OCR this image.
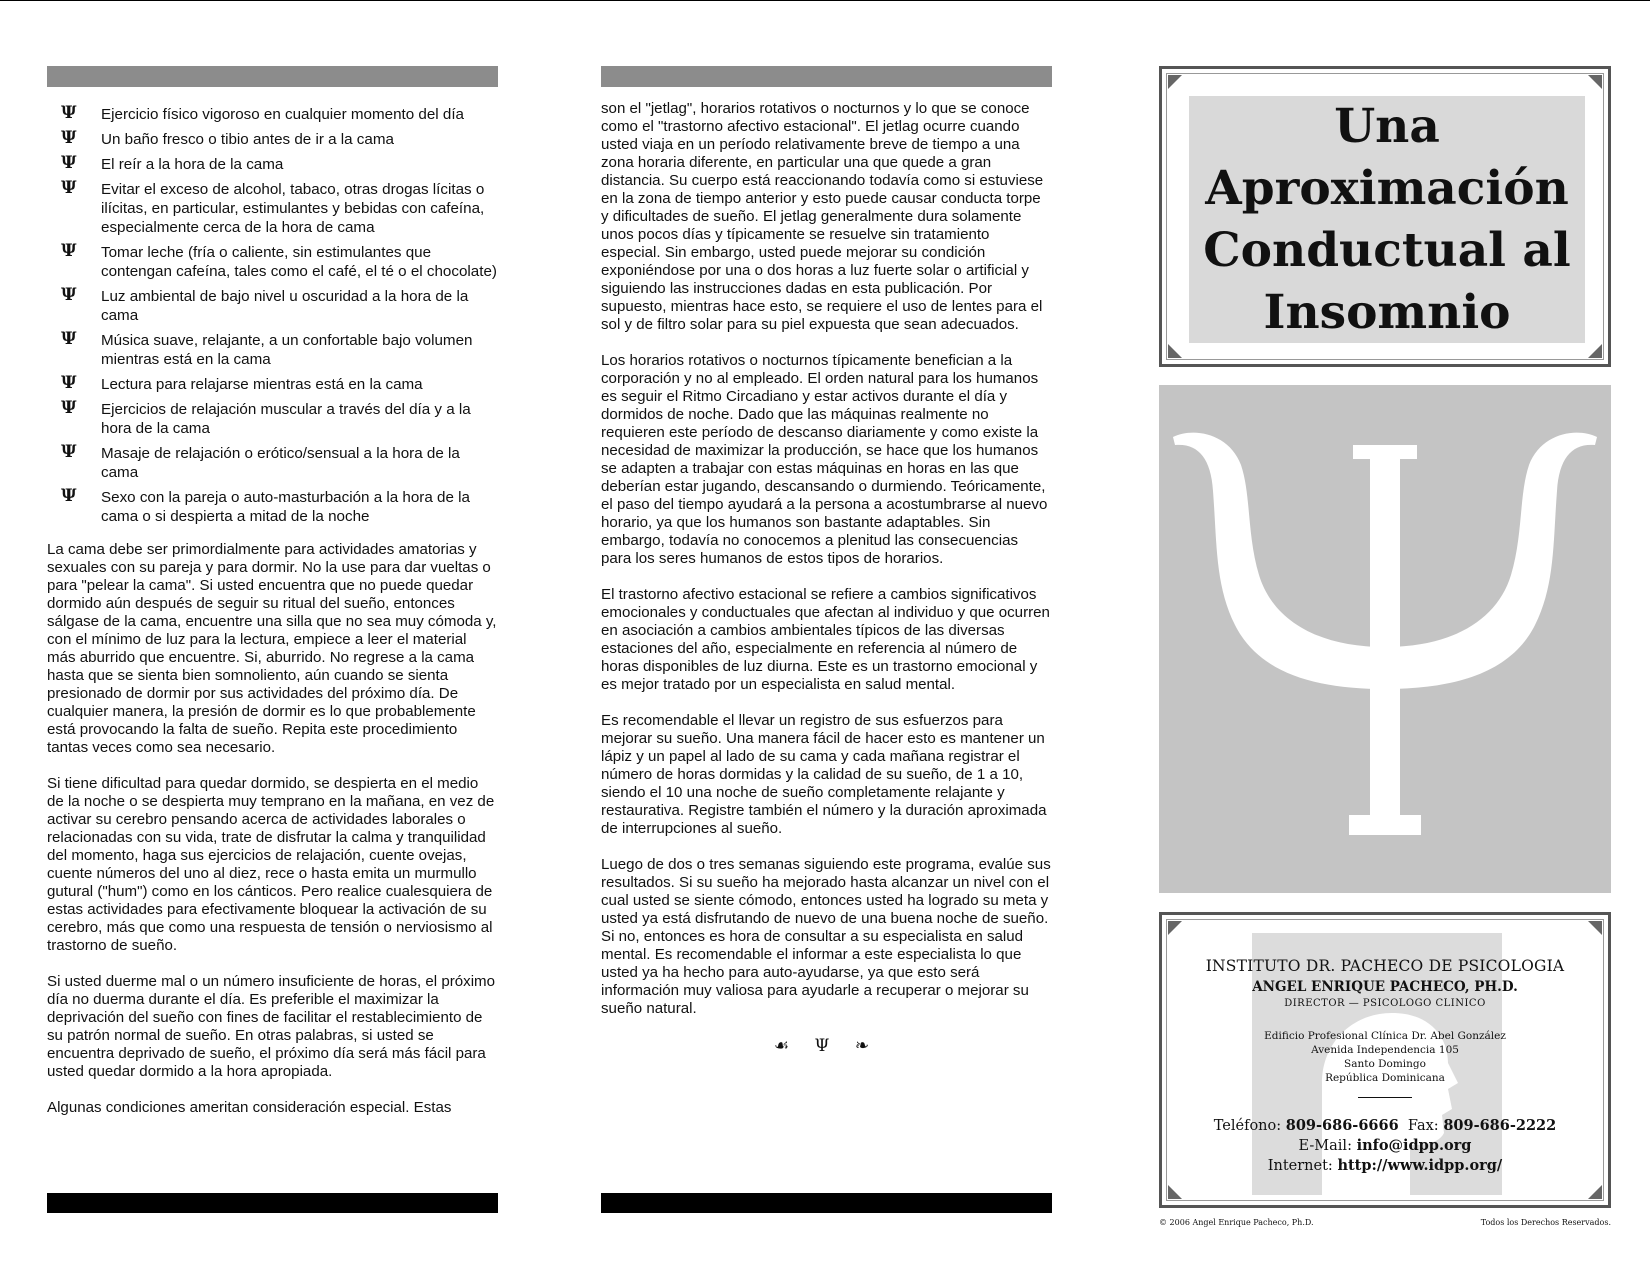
Ψ	Ejercicio físico vigoroso en cualquier momento del día
Ψ	Un baño fresco o tibio antes de ir a la cama
Ψ	El reír a la hora de la cama
Ψ	Evitar el exceso de alcohol, tabaco, otras drogas lícitas o ilícitas, en particular, estimulantes y bebidas con cafeína, especialmente cerca de la hora de cama
Ψ	Tomar leche (fría o caliente, sin estimulantes que contengan cafeína, tales como el café, el té o el chocolate)
Ψ	Luz ambiental de bajo nivel u oscuridad a la hora de la cama
Ψ	Música suave, relajante, a un confortable bajo volumen mientras está en la cama
Ψ	Lectura para relajarse mientras está en la cama
Ψ	Ejercicios de relajación muscular a través del día y a la hora de la cama
Ψ	Masaje de relajación o erótico/sensual a la hora de la cama
Ψ	Sexo con la pareja o auto-masturbación a la hora de la cama o si despierta a mitad de la noche

La cama debe ser primordialmente para actividades amatorias y sexuales con su pareja y para dormir. No la use para dar vueltas o para "pelear la cama". Si usted encuentra que no puede quedar dormido aún después de seguir su ritual del sueño, entonces sálgase de la cama, encuentre una silla que no sea muy cómoda y, con el mínimo de luz para la lectura, empiece a leer el material más aburrido que encuentre. Si, aburrido. No regrese a la cama hasta que se sienta bien somnoliento, aún cuando se sienta presionado de dormir por sus actividades del próximo día. De cualquier manera, la presión de dormir es lo que probablemente está provocando la falta de sueño. Repita este procedimiento tantas veces como sea necesario.

Si tiene dificultad para quedar dormido, se despierta en el medio de la noche o se despierta muy temprano en la mañana, en vez de activar su cerebro pensando acerca de actividades laborales o relacionadas con su vida, trate de disfrutar la calma y tranquilidad del momento, haga sus ejercicios de relajación, cuente ovejas, cuente números del uno al diez, rece o hasta emita un murmullo gutural ("hum") como en los cánticos. Pero realice cualesquiera de estas actividades para efectivamente bloquear la activación de su cerebro, más que como una respuesta de tensión o nerviosismo al trastorno de sueño.

Si usted duerme mal o un número insuficiente de horas, el próximo día no duerma durante el día. Es preferible el maximizar la deprivación del sueño con fines de facilitar el restablecimiento de su patrón normal de sueño. En otras palabras, si usted se encuentra deprivado de sueño, el próximo día será más fácil para usted quedar dormido a la hora apropiada.

Algunas condiciones ameritan consideración especial. Estas

son el "jetlag", horarios rotativos o nocturnos y lo que se conoce como el "trastorno afectivo estacional". El jetlag ocurre cuando usted viaja en un período relativamente breve de tiempo a una zona horaria diferente, en particular una que quede a gran distancia. Su cuerpo está reaccionando todavía como si estuviese en la zona de tiempo anterior y esto puede causar conducta torpe y dificultades de sueño. El jetlag generalmente dura solamente unos pocos días y típicamente se resuelve sin tratamiento especial. Sin embargo, usted puede mejorar su condición exponiéndose por una o dos horas a luz fuerte solar o artificial y siguiendo las instrucciones dadas en esta publicación. Por supuesto, mientras hace esto, se requiere el uso de lentes para el sol y de filtro solar para su piel expuesta que sean adecuados.

Los horarios rotativos o nocturnos típicamente benefician a la corporación y no al empleado. El orden natural para los humanos es seguir el Ritmo Circadiano y estar activos durante el día y dormidos de noche. Dado que las máquinas realmente no requieren este período de descanso diariamente y como existe la necesidad de maximizar la producción, se hace que los humanos se adapten a trabajar con estas máquinas en horas en las que deberían estar jugando, descansando o durmiendo. Teóricamente, el paso del tiempo ayudará a la persona a acostumbrarse al nuevo horario, ya que los humanos son bastante adaptables. Sin embargo, todavía no conocemos a plenitud las consecuencias para los seres humanos de estos tipos de horarios.

El trastorno afectivo estacional se refiere a cambios significativos emocionales y conductuales que afectan al individuo y que ocurren en asociación a cambios ambientales típicos de las diversas estaciones del año, especialmente en referencia al número de horas disponibles de luz diurna. Este es un trastorno emocional y es mejor tratado por un especialista en salud mental.

Es recomendable el llevar un registro de sus esfuerzos para mejorar su sueño. Una manera fácil de hacer esto es mantener un lápiz y un papel al lado de su cama y cada mañana registrar el número de horas dormidas y la calidad de su sueño, de 1 a 10, siendo el 10 una noche de sueño completamente relajante y restaurativa. Registre también el número y la duración aproximada de interrupciones al sueño.

Luego de dos o tres semanas siguiendo este programa, evalúe sus resultados. Si su sueño ha mejorado hasta alcanzar un nivel con el cual usted se siente cómodo, entonces usted ha logrado su meta y usted ya está disfrutando de nuevo de una buena noche de sueño. Si no, entonces es hora de consultar a su especialista en salud mental. Es recomendable el informar a este especialista lo que usted ya ha hecho para auto-ayudarse, ya que esto será información muy valiosa para ayudarle a recuperar o mejorar su sueño natural.

☙ Ψ ❧
Una Aproximación Conductual al Insomnio
INSTITUTO DR. PACHECO DE PSICOLOGIA
ANGEL ENRIQUE PACHECO, PH.D.
DIRECTOR — PSICOLOGO CLINICO
Edificio Profesional Clínica Dr. Abel González
Avenida Independencia 105
Santo Domingo
República Dominicana
Teléfono: 809-686-6666 Fax: 809-686-2222
E-Mail: info@idpp.org
Internet: http://www.idpp.org/
© 2006 Angel Enrique Pacheco, Ph.D.	Todos los Derechos Reservados.
